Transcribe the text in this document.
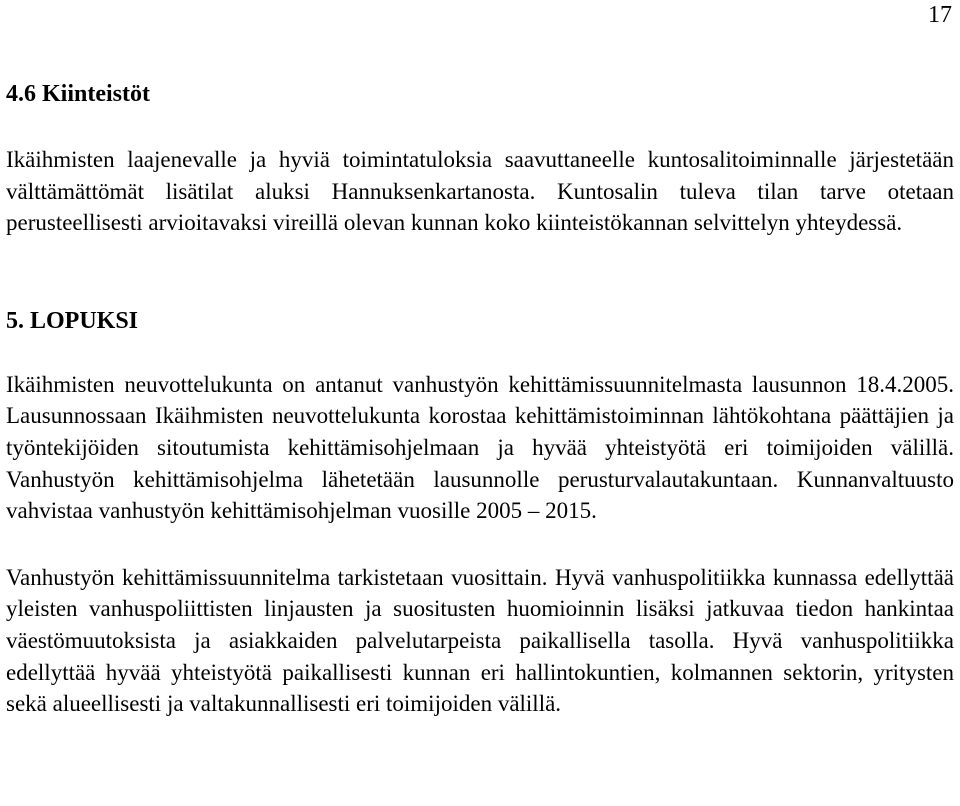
17
4.6 Kiinteistöt

Ikäihmisten laajenevalle ja hyviä toimintatuloksia saavuttaneelle kuntosalitoiminnalle järjestetään välttämättömät lisätilat aluksi Hannuksenkartanosta. Kuntosalin tuleva tilan tarve otetaan perusteellisesti arvioitavaksi vireillä olevan kunnan koko kiinteistökannan selvittelyn yhteydessä.

5. LOPUKSI

Ikäihmisten neuvottelukunta on antanut vanhustyön kehittämissuunnitelmasta lausunnon 18.4.2005. Lausunnossaan Ikäihmisten neuvottelukunta korostaa kehittämistoiminnan lähtökohtana päättäjien ja työntekijöiden sitoutumista kehittämisohjelmaan ja hyvää yhteistyötä eri toimijoiden välillä. Vanhustyön kehittämisohjelma lähetetään lausunnolle perusturvalautakuntaan. Kunnanvaltuusto vahvistaa vanhustyön kehittämisohjelman vuosille 2005 – 2015.

Vanhustyön kehittämissuunnitelma tarkistetaan vuosittain. Hyvä vanhuspolitiikka kunnassa edellyttää yleisten vanhuspoliittisten linjausten ja suositusten huomioinnin lisäksi jatkuvaa tiedon hankintaa väestömuutoksista ja asiakkaiden palvelutarpeista paikallisella tasolla. Hyvä vanhuspolitiikka edellyttää hyvää yhteistyötä paikallisesti kunnan eri hallintokuntien, kolmannen sektorin, yritysten sekä alueellisesti ja valtakunnallisesti eri toimijoiden välillä.
